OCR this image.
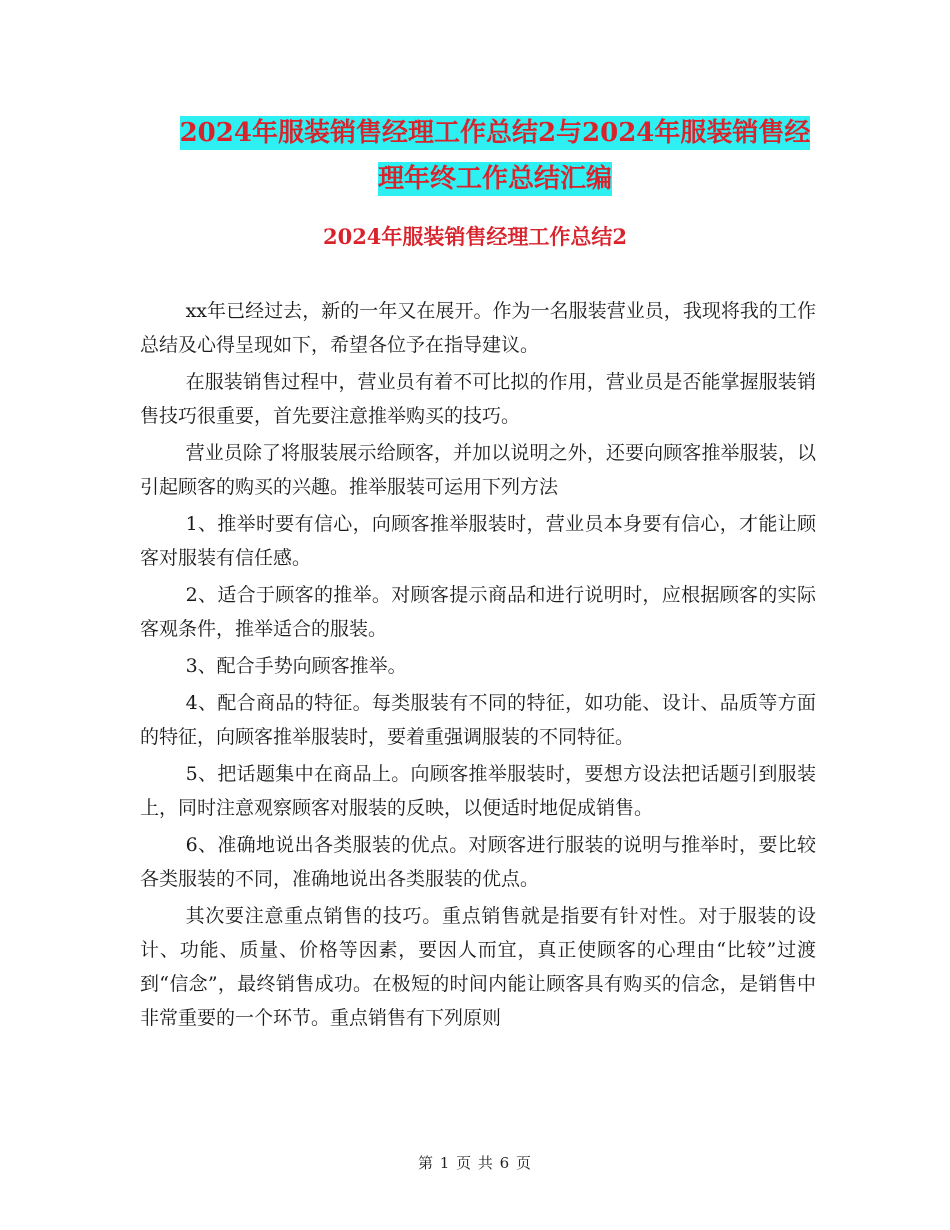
2024年服装销售经理工作总结2与2024年服装销售经
理年终工作总结汇编
2024年服装销售经理工作总结2

xx年已经过去，新的一年又在展开。作为一名服装营业员，我现将我的工作总结及心得呈现如下，希望各位予在指导建议。

在服装销售过程中，营业员有着不可比拟的作用，营业员是否能掌握服装销售技巧很重要，首先要注意推举购买的技巧。

营业员除了将服装展示给顾客，并加以说明之外，还要向顾客推举服装，以引起顾客的购买的兴趣。推举服装可运用下列方法

1、推举时要有信心，向顾客推举服装时，营业员本身要有信心，才能让顾客对服装有信任感。

2、适合于顾客的推举。对顾客提示商品和进行说明时，应根据顾客的实际客观条件，推举适合的服装。

3、配合手势向顾客推举。

4、配合商品的特征。每类服装有不同的特征，如功能、设计、品质等方面的特征，向顾客推举服装时，要着重强调服装的不同特征。

5、把话题集中在商品上。向顾客推举服装时，要想方设法把话题引到服装上，同时注意观察顾客对服装的反映，以便适时地促成销售。

6、准确地说出各类服装的优点。对顾客进行服装的说明与推举时，要比较各类服装的不同，准确地说出各类服装的优点。

其次要注意重点销售的技巧。重点销售就是指要有针对性。对于服装的设计、功能、质量、价格等因素，要因人而宜，真正使顾客的心理由“比较”过渡到“信念”，最终销售成功。在极短的时间内能让顾客具有购买的信念，是销售中非常重要的一个环节。重点销售有下列原则

第 1 页 共 6 页
